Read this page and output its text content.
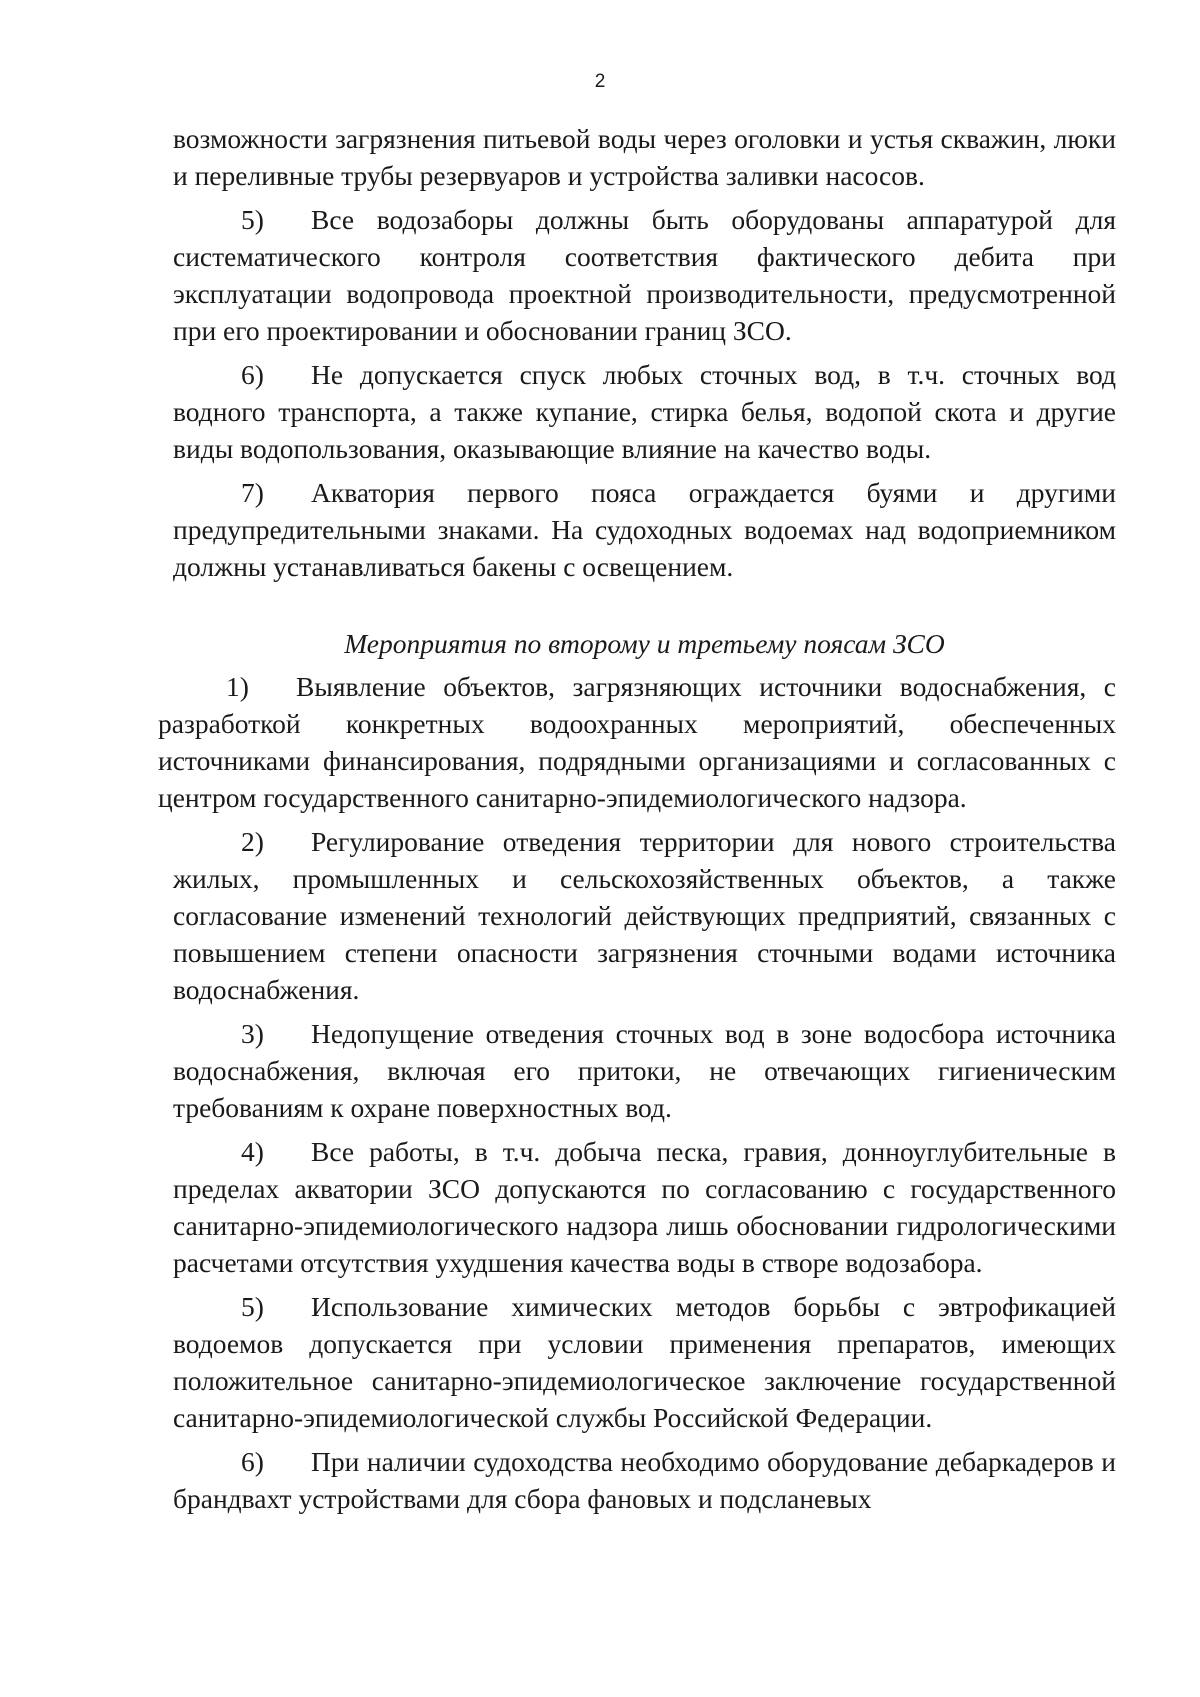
2

возможности загрязнения питьевой воды через оголовки и устья скважин, люки и переливные трубы резервуаров и устройства заливки насосов.

5) Все водозаборы должны быть оборудованы аппаратурой для систематического контроля соответствия фактического дебита при эксплуатации водопровода проектной производительности, предусмотренной при его проектировании и обосновании границ ЗСО.

6) Не допускается спуск любых сточных вод, в т.ч. сточных вод водного транспорта, а также купание, стирка белья, водопой скота и другие виды водопользования, оказывающие влияние на качество воды.

7) Акватория первого пояса ограждается буями и другими предупредительными знаками. На судоходных водоемах над водоприемником должны устанавливаться бакены с освещением.

Мероприятия по второму и третьему поясам ЗСО

1) Выявление объектов, загрязняющих источники водоснабжения, с разработкой конкретных водоохранных мероприятий, обеспеченных источниками финансирования, подрядными организациями и согласованных с центром государственного санитарно-эпидемиологического надзора.

2) Регулирование отведения территории для нового строительства жилых, промышленных и сельскохозяйственных объектов, а также согласование изменений технологий действующих предприятий, связанных с повышением степени опасности загрязнения сточными водами источника водоснабжения.

3) Недопущение отведения сточных вод в зоне водосбора источника водоснабжения, включая его притоки, не отвечающих гигиеническим требованиям к охране поверхностных вод.

4) Все работы, в т.ч. добыча песка, гравия, донноуглубительные в пределах акватории ЗСО допускаются по согласованию с государственного санитарно-эпидемиологического надзора лишь обосновании гидрологическими расчетами отсутствия ухудшения качества воды в створе водозабора.

5) Использование химических методов борьбы с эвтрофикацией водоемов допускается при условии применения препаратов, имеющих положительное санитарно-эпидемиологическое заключение государственной санитарно-эпидемиологической службы Российской Федерации.

6) При наличии судоходства необходимо оборудование дебаркадеров и брандвахт устройствами для сбора фановых и подсланевых
